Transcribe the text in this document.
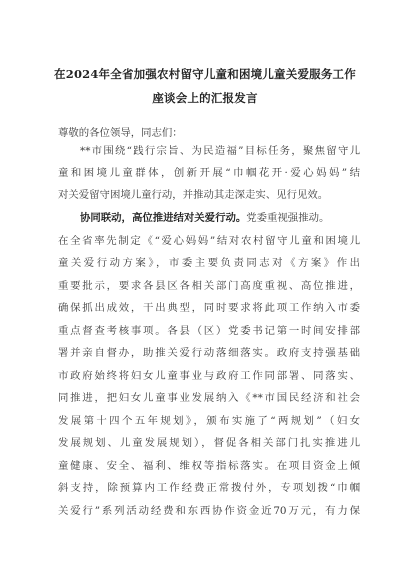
在2024年全省加强农村留守儿童和困境儿童关爱服务工作
座谈会上的汇报发言
尊敬的各位领导，同志们：
**市围绕“践行宗旨、为民造福”目标任务，聚焦留守儿
童和困境儿童群体，创新开展“巾帼花开·爱心妈妈”结
对关爱留守困境儿童行动，并推动其走深走实、见行见效。
协同联动，高位推进结对关爱行动。党委重视强推动。
在全省率先制定《“爱心妈妈”结对农村留守儿童和困境儿
童关爱行动方案》，市委主要负责同志对《方案》作出
重要批示，要求各县区各相关部门高度重视、高位推进，
确保抓出成效，干出典型，同时要求将此项工作纳入市委
重点督查考核事项。各县（区）党委书记第一时间安排部
署并亲自督办，助推关爱行动落细落实。政府支持强基础
市政府始终将妇女儿童事业与政府工作同部署、同落实、
同推进，把妇女儿童事业发展纳入《**市国民经济和社会
发展第十四个五年规划》，颁布实施了“两规划”（妇女
发展规划、儿童发展规划），督促各相关部门扎实推进儿
童健康、安全、福利、维权等指标落实。在项目资金上倾
斜支持，除预算内工作经费正常拨付外，专项划拨“巾帼
关爱行”系列活动经费和东西协作资金近70万元，有力保
